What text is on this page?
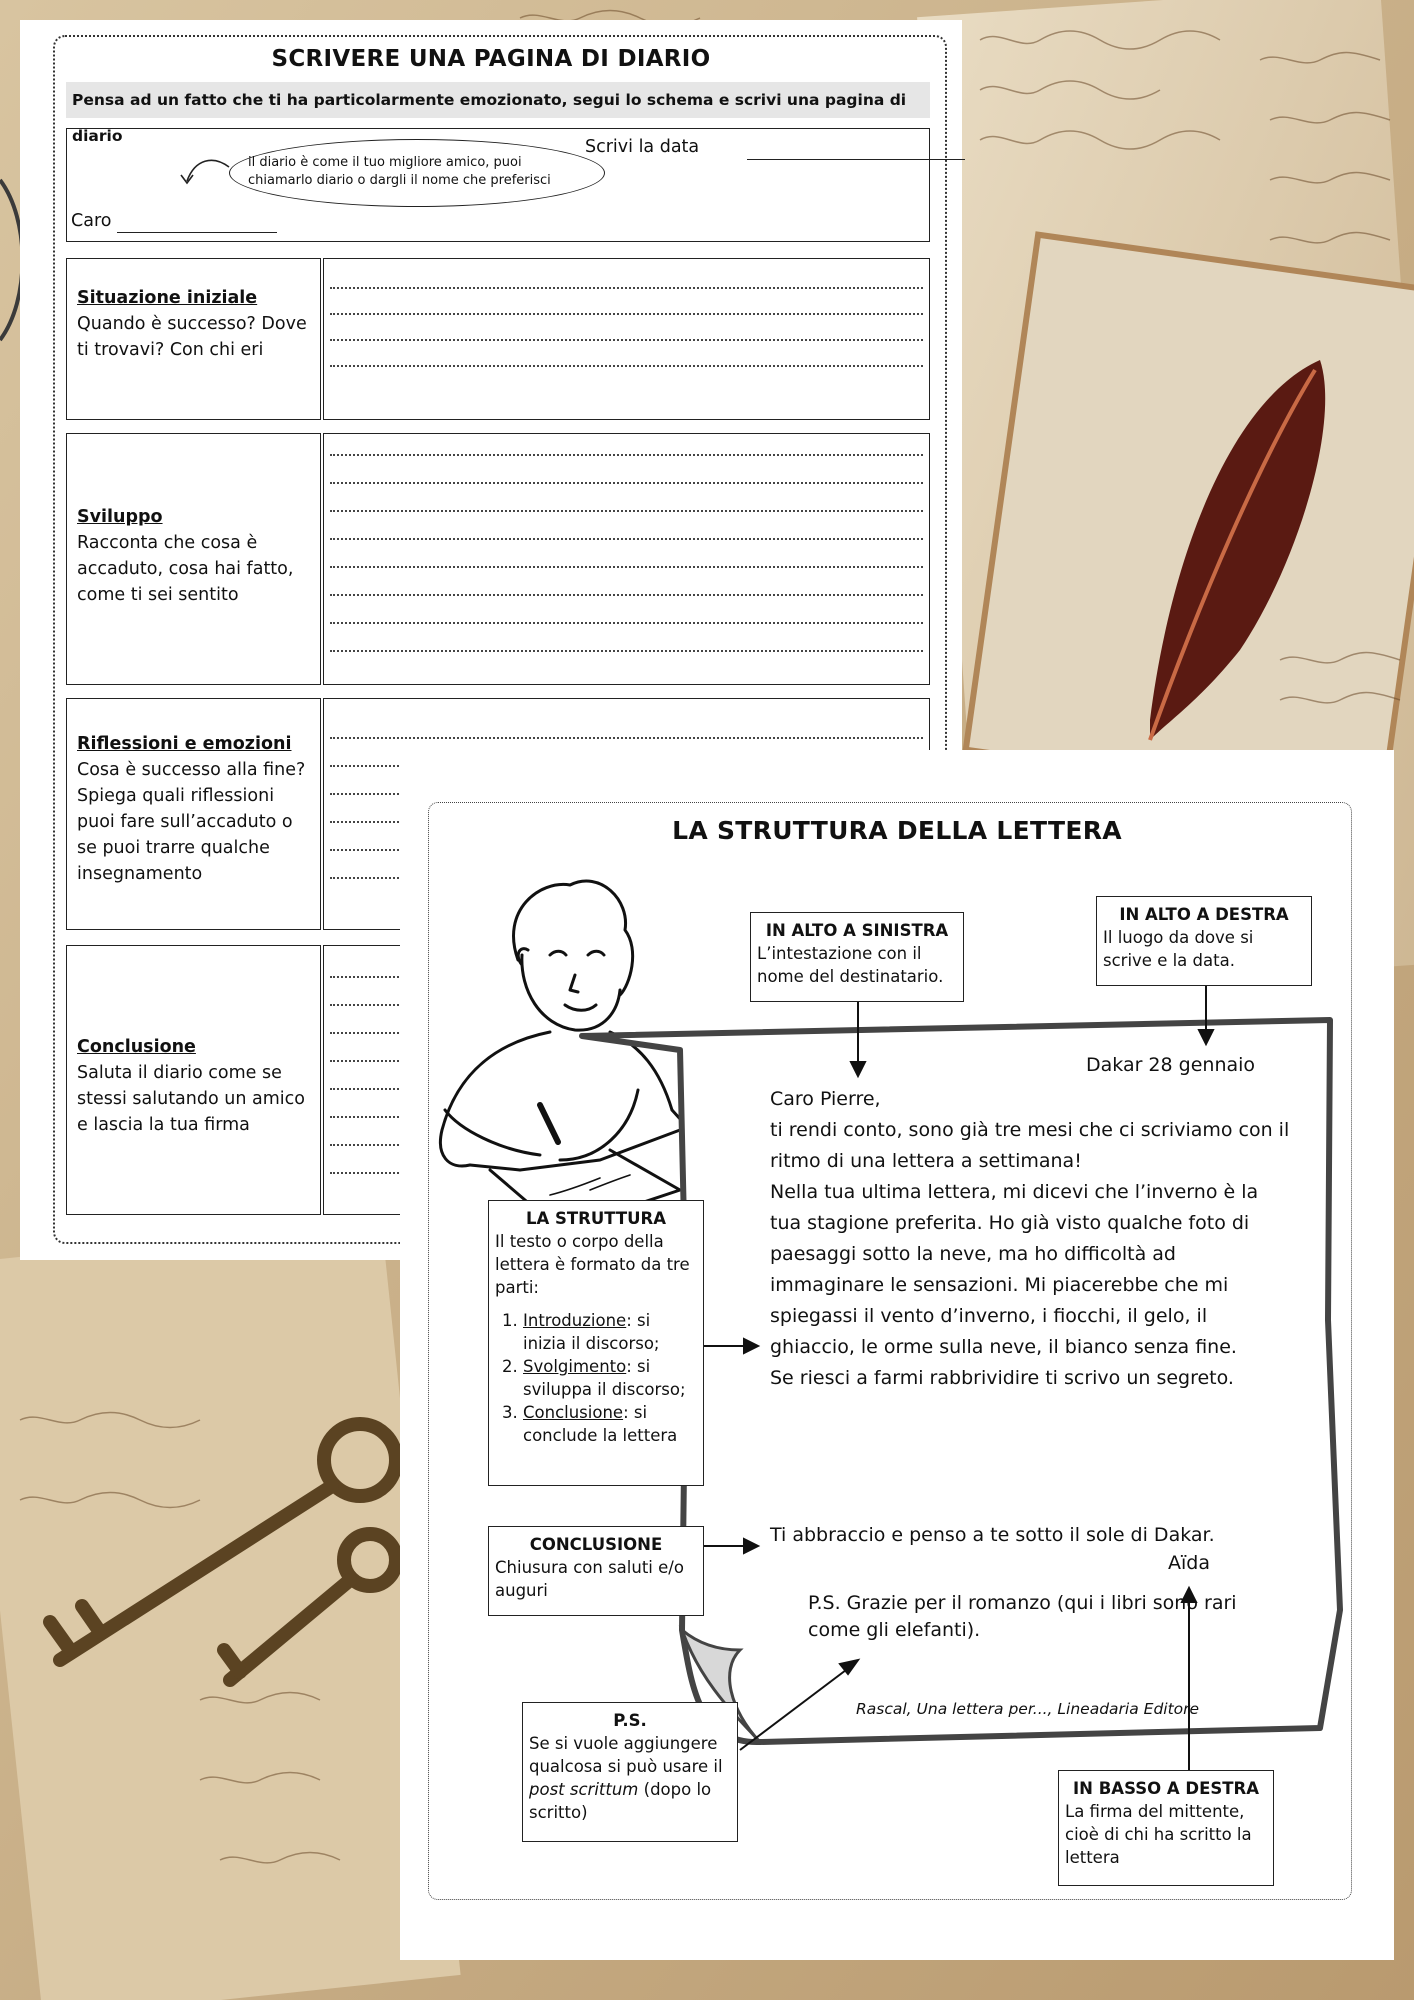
SCRIVERE UNA PAGINA DI DIARIO
Pensa ad un fatto che ti ha particolarmente emozionato, segui lo schema e scrivi una pagina di diario
il diario è come il tuo migliore amico, puoi
chiamarlo diario o dargli il nome che preferisci
Scrivi la data
Caro
Situazione iniziale
Quando è successo? Dove ti trovavi? Con chi eri
Sviluppo
Racconta che cosa è accaduto, cosa hai fatto, come ti sei sentito
Riflessioni e emozioni
Cosa è successo alla fine? Spiega quali riflessioni puoi fare sull’accaduto o se puoi trarre qualche insegnamento
Conclusione
Saluta il diario come se stessi salutando un amico e lascia la tua firma
LA STRUTTURA DELLA LETTERA
IN ALTO A SINISTRA
L’intestazione con il nome del destinatario.
IN ALTO A DESTRA
Il luogo da dove si scrive e la data.
LA STRUTTURA
Il testo o corpo della lettera è formato da tre parti:
1. Introduzione: si inizia il discorso;
2. Svolgimento: si sviluppa il discorso;
3. Conclusione: si conclude la lettera
CONCLUSIONE
Chiusura con saluti e/o auguri
P.S.
Se si vuole aggiungere qualcosa si può usare il post scrittum (dopo lo scritto)
IN BASSO A DESTRA
La firma del mittente, cioè di chi ha scritto la lettera
Dakar 28 gennaio
Caro Pierre,
ti rendi conto, sono già tre mesi che ci scriviamo con il ritmo di una lettera a settimana!
Nella tua ultima lettera, mi dicevi che l’inverno è la tua stagione preferita. Ho già visto qualche foto di paesaggi sotto la neve, ma ho difficoltà ad immaginare le sensazioni. Mi piacerebbe che mi spiegassi il vento d’inverno, i fiocchi, il gelo, il ghiaccio, le orme sulla neve, il bianco senza fine.
Se riesci a farmi rabbrividire ti scrivo un segreto.
Ti abbraccio e penso a te sotto il sole di Dakar.
Aïda
P.S. Grazie per il romanzo (qui i libri sono rari come gli elefanti).
Rascal, Una lettera per..., Lineadaria Editore
